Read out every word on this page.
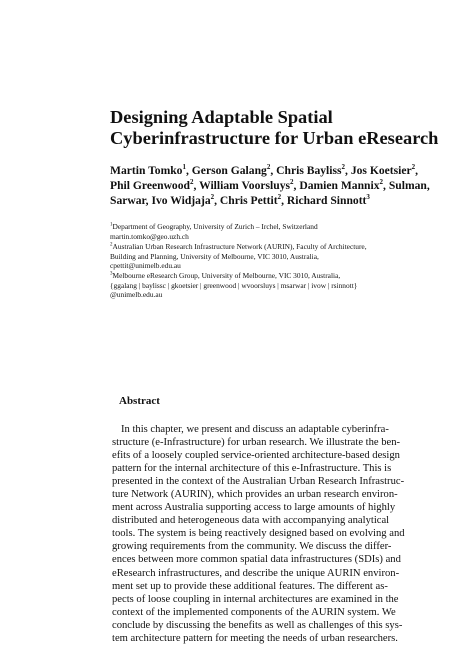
Designing Adaptable Spatial
Cyberinfrastructure for Urban eResearch
Martin Tomko$^1$, Gerson Galang$^2$, Chris Bayliss$^2$, Jos Koetsier$^2$,
Phil Greenwood$^2$, William Voorsluys$^2$, Damien Mannix$^2$, Sulman,
Sarwar, Ivo Widjaja$^2$, Chris Pettit$^2$, Richard Sinnott$^3$
$^1$Department of Geography, University of Zurich – Irchel, Switzerland
martin.tomko@geo.uzh.ch
$^2$Australian Urban Research Infrastructure Network (AURIN), Faculty of Architecture,
Building and Planning, University of Melbourne, VIC 3010, Australia,
cpettit@unimelb.edu.au
$^3$Melbourne eResearch Group, University of Melbourne, VIC 3010, Australia,
{ggalang | baylissc | gkoetsier | greenwood | wvoorsluys | msarwar | ivow | rsinnott}
@unimelb.edu.au
Abstract
In this chapter, we present and discuss an adaptable cyberinfra-
structure (e-Infrastructure) for urban research. We illustrate the ben-
efits of a loosely coupled service-oriented architecture-based design
pattern for the internal architecture of this e-Infrastructure. This is
presented in the context of the Australian Urban Research Infrastruc-
ture Network (AURIN), which provides an urban research environ-
ment across Australia supporting access to large amounts of highly
distributed and heterogeneous data with accompanying analytical
tools. The system is being reactively designed based on evolving and
growing requirements from the community. We discuss the differ-
ences between more common spatial data infrastructures (SDIs) and
eResearch infrastructures, and describe the unique AURIN environ-
ment set up to provide these additional features. The different as-
pects of loose coupling in internal architectures are examined in the
context of the implemented components of the AURIN system. We
conclude by discussing the benefits as well as challenges of this sys-
tem architecture pattern for meeting the needs of urban researchers.
